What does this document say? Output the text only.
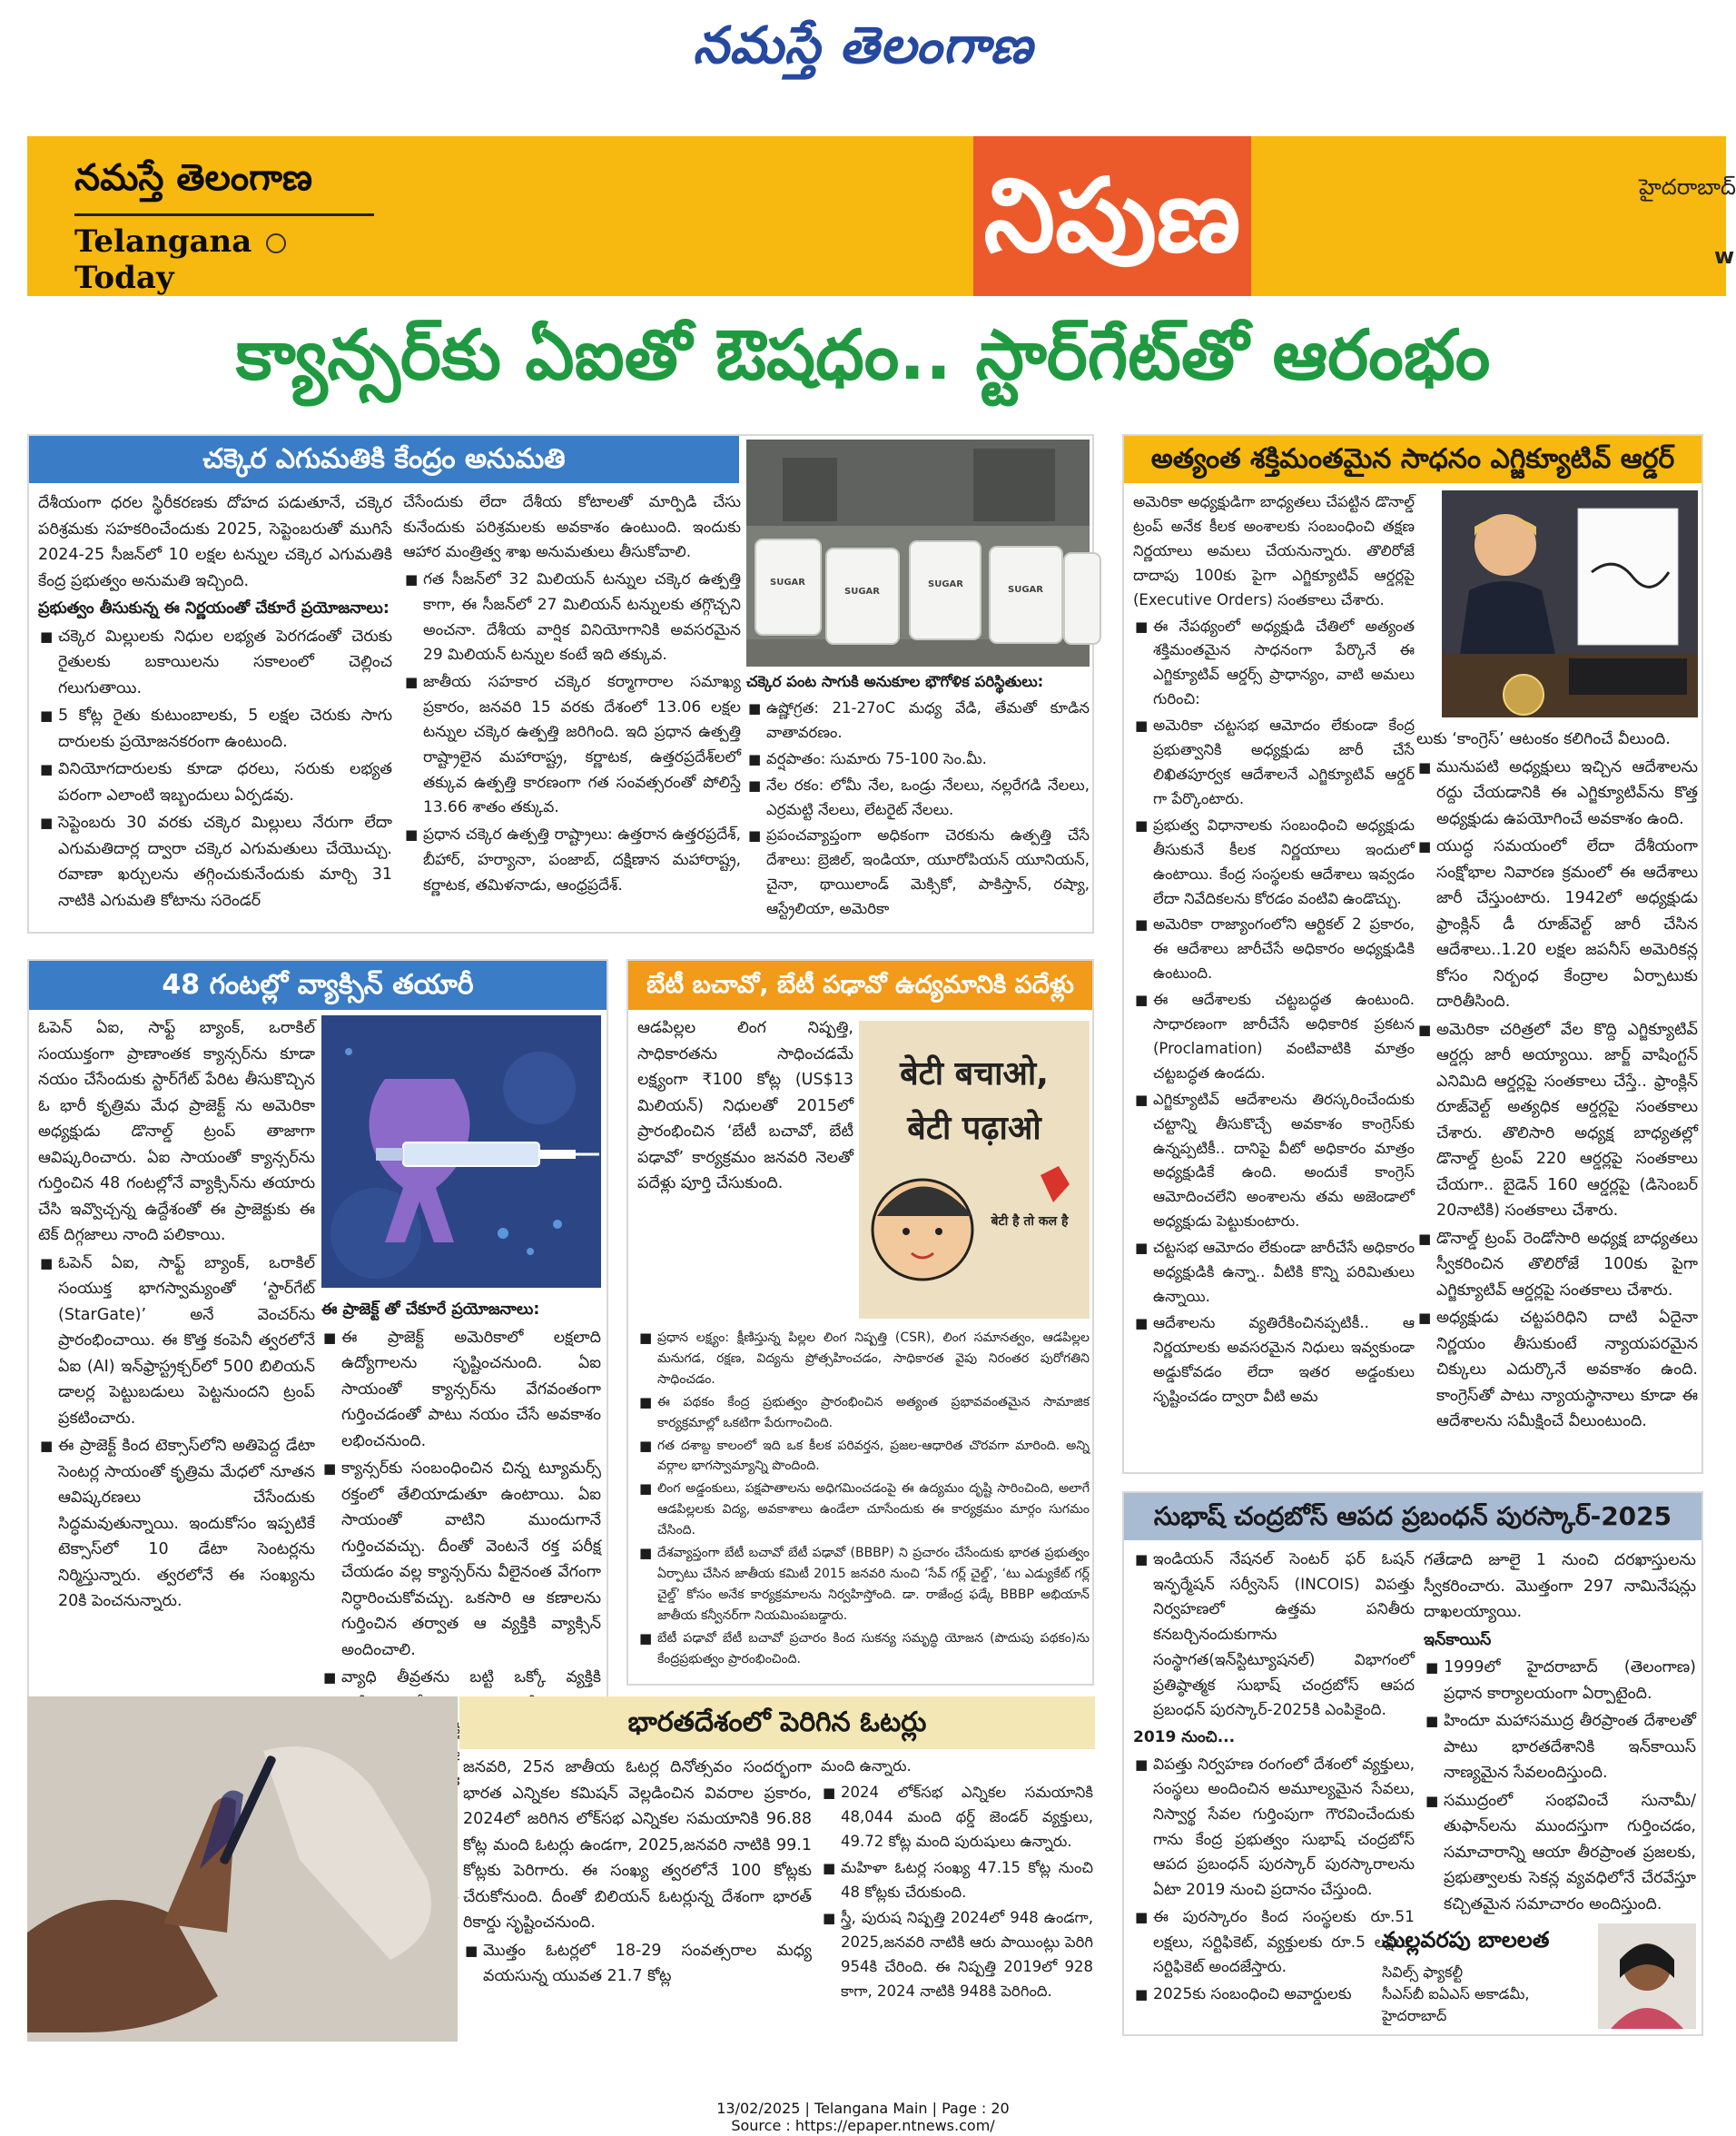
నమస్తే తెలంగాణ
నమస్తే తెలంగాణ
Telangana  Today
నిపుణ	హైదరాబాద్
w
క్యాన్సర్‌కు ఏఐతో ఔషధం.. స్టార్‌గేట్‌తో ఆరంభం
చక్కెర ఎగుమతికి కేంద్రం అనుమతి

దేశీయంగా ధరల స్థిరీకరణకు దోహద పడుతూనే, చక్కెర పరిశ్రమకు సహకరించేందుకు 2025, సెప్టెంబరుతో ముగిసే 2024-25 సీజన్‌లో 10 లక్షల టన్నుల చక్కెర ఎగుమతికి కేంద్ర ప్రభుత్వం అనుమతి ఇచ్చింది.

ప్రభుత్వం తీసుకున్న ఈ నిర్ణయంతో చేకూరే ప్రయోజనాలు:

■ చక్కెర మిల్లులకు నిధుల లభ్యత పెరగడంతో చెరుకు రైతులకు బకాయిలను సకాలంలో చెల్లించ గలుగుతాయి.
■ 5 కోట్ల రైతు కుటుంబాలకు, 5 లక్షల చెరుకు సాగు దారులకు ప్రయోజనకరంగా ఉంటుంది.
■ వినియోగదారులకు కూడా ధరలు, సరుకు లభ్యత పరంగా ఎలాంటి ఇబ్బందులు ఏర్పడవు.
■ సెప్టెంబరు 30 వరకు చక్కెర మిల్లులు నేరుగా లేదా ఎగుమతిదార్ల ద్వారా చక్కెర ఎగుమతులు చేయొచ్చు. రవాణా ఖర్చులను తగ్గించుకునేందుకు మార్చి 31 నాటికి ఎగుమతి కోటాను సరెండర్

చేసేందుకు లేదా దేశీయ కోటాలతో మార్పిడి చేసు కునేందుకు పరిశ్రమలకు అవకాశం ఉంటుంది. ఇందుకు ఆహార మంత్రిత్వ శాఖ అనుమతులు తీసుకోవాలి.

■ గత సీజన్‌లో 32 మిలియన్ టన్నుల చక్కెర ఉత్పత్తి కాగా, ఈ సీజన్‌లో 27 మిలియన్ టన్నులకు తగ్గొచ్చని అంచనా. దేశీయ వార్షిక వినియోగానికి అవసరమైన 29 మిలియన్ టన్నుల కంటే ఇది తక్కువ.
■ జాతీయ సహకార చక్కెర కర్మాగారాల సమాఖ్య ప్రకారం, జనవరి 15 వరకు దేశంలో 13.06 లక్షల టన్నుల చక్కెర ఉత్పత్తి జరిగింది. ఇది ప్రధాన ఉత్పత్తి రాష్ట్రాలైన మహారాష్ట్ర, కర్ణాటక, ఉత్తరప్రదేశ్‌లలో తక్కువ ఉత్పత్తి కారణంగా గత సంవత్సరంతో పోలిస్తే 13.66 శాతం తక్కువ.
■ ప్రధాన చక్కెర ఉత్పత్తి రాష్ట్రాలు: ఉత్తరాన ఉత్తరప్రదేశ్, బీహార్, హర్యానా, పంజాబ్, దక్షిణాన మహారాష్ట్ర, కర్ణాటక, తమిళనాడు, ఆంధ్రప్రదేశ్.
SUGAR
SUGAR
SUGAR
SUGAR

చక్కెర పంట సాగుకి అనుకూల భౌగోళిక పరిస్థితులు:

■ ఉష్ణోగ్రత: 21-27oC మధ్య వేడి, తేమతో కూడిన వాతావరణం.
■ వర్షపాతం: సుమారు 75-100 సెం.మీ.
■ నేల రకం: లోమీ నేల, ఒండ్రు నేలలు, నల్లరేగడి నేలలు, ఎర్రమట్టి నేలలు, లేటరైట్ నేలలు.
■ ప్రపంచవ్యాప్తంగా అధికంగా చెరకును ఉత్పత్తి చేసే దేశాలు: బ్రెజిల్, ఇండియా, యూరోపియన్ యూనియన్, చైనా, థాయిలాండ్ మెక్సికో, పాకిస్తాన్, రష్యా, ఆస్ట్రేలియా, అమెరికా
48 గంటల్లో వ్యాక్సిన్ తయారీ

ఓపెన్ ఏఐ, సాఫ్ట్ బ్యాంక్, ఒరాకిల్ సంయుక్తంగా ప్రాణాంతక క్యాన్సర్‌ను కూడా నయం చేసేందుకు స్టార్‌గేట్ పేరిట తీసుకొచ్చిన ఓ భారీ కృత్రిమ మేధ ప్రాజెక్ట్ ను అమెరికా అధ్యక్షుడు డొనాల్డ్ ట్రంప్ తాజాగా ఆవిష్కరించారు. ఏఐ సాయంతో క్యాన్సర్‌ను గుర్తించిన 48 గంటల్లోనే వ్యాక్సిన్‌ను తయారు చేసి ఇవ్వొచ్చన్న ఉద్దేశంతో ఈ ప్రాజెక్టుకు ఈ టెక్ దిగ్గజాలు నాంది పలికాయి.

■ ఓపెన్ ఏఐ, సాఫ్ట్ బ్యాంక్, ఒరాకిల్ సంయుక్త భాగస్వామ్యంతో ‘స్టార్‌గేట్ (StarGate)’ అనే వెంచర్‌ను ప్రారంభించాయి. ఈ కొత్త కంపెనీ త్వరలోనే ఏఐ (AI) ఇన్‌ఫ్రాస్ట్రక్చర్‌లో 500 బిలియన్ డాలర్ల పెట్టుబడులు పెట్టనుందని ట్రంప్ ప్రకటించారు.
■ ఈ ప్రాజెక్ట్ కింద టెక్సాస్‌లోని అతిపెద్ద డేటా సెంటర్ల సాయంతో కృత్రిమ మేధలో నూతన ఆవిష్కరణలు చేసేందుకు సిద్ధమవుతున్నాయి. ఇందుకోసం ఇప్పటికే టెక్సాస్‌లో 10 డేటా సెంటర్లను నిర్మిస్తున్నారు. త్వరలోనే ఈ సంఖ్యను 20కి పెంచనున్నారు.

ఈ ప్రాజెక్ట్ తో చేకూరే ప్రయోజనాలు:

■ ఈ ప్రాజెక్ట్ అమెరికాలో లక్షలాది ఉద్యోగాలను సృష్టించనుంది. ఏఐ సాయంతో క్యాన్సర్‌ను వేగవంతంగా గుర్తించడంతో పాటు నయం చేసే అవకాశం లభించనుంది.
■ క్యాన్సర్‌కు సంబంధించిన చిన్న ట్యూమర్స్ రక్తంలో తేలియాడుతూ ఉంటాయి. ఏఐ సాయంతో వాటిని ముందుగానే గుర్తించవచ్చు. దీంతో వెంటనే రక్త పరీక్ష చేయడం వల్ల క్యాన్సర్‌ను వీలైనంత వేగంగా నిర్ధారించుకోవచ్చు. ఒకసారి ఆ కణాలను గుర్తించిన తర్వాత ఆ వ్యక్తికి వ్యాక్సిన్ అందించాలి.
■ వ్యాధి తీవ్రతను బట్టి ఒక్కో వ్యక్తికి
బేటీ బచావో, బేటీ పఢావో ఉద్యమానికి పదేళ్లు

ఆడపిల్లల లింగ నిష్పత్తి, సాధికారతను సాధించడమే లక్ష్యంగా ₹100 కోట్ల (US$13 మిలియన్) నిధులతో 2015లో ప్రారంభించిన ‘బేటీ బచావో, బేటీ పఢావో’ కార్యక్రమం జనవరి నెలతో పదేళ్లు పూర్తి చేసుకుంది.

बेटी बचाओ,
बेटी पढ़ाओ
बेटी है तो कल है
■ ప్రధాన లక్ష్యం: క్షీణిస్తున్న పిల్లల లింగ నిష్పత్తి (CSR), లింగ సమానత్వం, ఆడపిల్లల మనుగడ, రక్షణ, విద్యను ప్రోత్సహించడం, సాధికారత వైపు నిరంతర పురోగతిని సాధించడం.
■ ఈ పథకం కేంద్ర ప్రభుత్వం ప్రారంభించిన అత్యంత ప్రభావవంతమైన సామాజిక కార్యక్రమాల్లో ఒకటిగా పేరుగాంచింది.
■ గత దశాబ్ద కాలంలో ఇది ఒక కీలక పరివర్తన, ప్రజల-ఆధారిత చొరవగా మారింది. అన్ని వర్గాల భాగస్వామ్యాన్ని పొందింది.
■ లింగ అడ్డంకులు, పక్షపాతాలను అధిగమించడంపై ఈ ఉద్యమం దృష్టి సారించింది, అలాగే ఆడపిల్లలకు విద్య, అవకాశాలు ఉండేలా చూసేందుకు ఈ కార్యక్రమం మార్గం సుగమం చేసింది.
■ దేశవ్యాప్తంగా బేటీ బచావో బేటీ పఢావో (BBBP) ని ప్రచారం చేసేందుకు భారత ప్రభుత్వం ఏర్పాటు చేసిన జాతీయ కమిటీ 2015 జనవరి నుంచి ‘సేవ్ గర్ల్ చైల్డ్’, ‘టు ఎడ్యుకేట్ గర్ల్ చైల్డ్’ కోసం అనేక కార్యక్రమాలను నిర్వహిస్తోంది. డా. రాజేంద్ర ఫడ్కే BBBP అభియాన్ జాతీయ కన్వీనర్‌గా నియమింపబడ్డారు.
■ బేటీ పఢావో బేటీ బచావో ప్రచారం కింద సుకన్య సమృద్ధి యోజన (పొదుపు పథకం)ను కేంద్రప్రభుత్వం ప్రారంభించింది.
అత్యంత శక్తిమంతమైన సాధనం ఎగ్జిక్యూటివ్ ఆర్డర్

అమెరికా అధ్యక్షుడిగా బాధ్యతలు చేపట్టిన డొనాల్డ్ ట్రంప్ అనేక కీలక అంశాలకు సంబంధించి తక్షణ నిర్ణయాలు అమలు చేయనున్నారు. తొలిరోజే దాదాపు 100కు పైగా ఎగ్జిక్యూటివ్ ఆర్డర్లపై (Executive Orders) సంతకాలు చేశారు.

■ ఈ నేపథ్యంలో అధ్యక్షుడి చేతిలో అత్యంత శక్తిమంతమైన సాధనంగా పేర్కొనే ఈ ఎగ్జిక్యూటివ్ ఆర్డర్స్ ప్రాధాన్యం, వాటి అమలు గురించి:
■ అమెరికా చట్టసభ ఆమోదం లేకుండా కేంద్ర ప్రభుత్వానికి అధ్యక్షుడు జారీ చేసే లిఖితపూర్వక ఆదేశాలనే ఎగ్జిక్యూటివ్ ఆర్డర్ గా పేర్కొంటారు.
■ ప్రభుత్వ విధానాలకు సంబంధించి అధ్యక్షుడు తీసుకునే కీలక నిర్ణయాలు ఇందులో ఉంటాయి. కేంద్ర సంస్థలకు ఆదేశాలు ఇవ్వడం లేదా నివేదికలను కోరడం వంటివి ఉండొచ్చు.
■ అమెరికా రాజ్యాంగంలోని ఆర్టికల్ 2 ప్రకారం, ఈ ఆదేశాలు జారీచేసే అధికారం అధ్యక్షుడికి ఉంటుంది.
■ ఈ ఆదేశాలకు చట్టబద్ధత ఉంటుంది. సాధారణంగా జారీచేసే అధికారిక ప్రకటన (Proclamation) వంటివాటికి మాత్రం చట్టబద్ధత ఉండదు.
■ ఎగ్జిక్యూటివ్ ఆదేశాలను తిరస్కరించేందుకు చట్టాన్ని తీసుకొచ్చే అవకాశం కాంగ్రెస్‌కు ఉన్నప్పటికీ.. దానిపై వీటో అధికారం మాత్రం అధ్యక్షుడికే ఉంది. అందుకే కాంగ్రెస్ ఆమోదించలేని అంశాలను తమ అజెండాలో అధ్యక్షుడు పెట్టుకుంటారు.
■ చట్టసభ ఆమోదం లేకుండా జారీచేసే అధికారం అధ్యక్షుడికి ఉన్నా.. వీటికి కొన్ని పరిమితులు ఉన్నాయి.
■ ఆదేశాలను వ్యతిరేకించినప్పటికీ.. ఆ నిర్ణయాలకు అవసరమైన నిధులు ఇవ్వకుండా అడ్డుకోవడం లేదా ఇతర అడ్డంకులు సృష్టించడం ద్వారా వీటి అమ

లుకు ‘కాంగ్రెస్’ ఆటంకం కలిగించే వీలుంది.

■ మునుపటి అధ్యక్షులు ఇచ్చిన ఆదేశాలను రద్దు చేయడానికి ఈ ఎగ్జిక్యూటివ్‌ను కొత్త అధ్యక్షుడు ఉపయోగించే అవకాశం ఉంది.
■ యుద్ధ సమయంలో లేదా దేశీయంగా సంక్షోభాల నివారణ క్రమంలో ఈ ఆదేశాలు జారీ చేస్తుంటారు. 1942లో అధ్యక్షుడు ఫ్రాంక్లిన్ డీ రూజ్‌వెల్ట్ జారీ చేసిన ఆదేశాలు..1.20 లక్షల జపనీస్ అమెరికన్ల కోసం నిర్బంధ కేంద్రాల ఏర్పాటుకు దారితీసింది.
■ అమెరికా చరిత్రలో వేల కొద్ది ఎగ్జిక్యూటివ్ ఆర్డర్లు జారీ అయ్యాయి. జార్జ్ వాషింగ్టన్ ఎనిమిది ఆర్డర్లపై సంతకాలు చేస్తే.. ఫ్రాంక్లిన్ రూజ్‌వెల్ట్ అత్యధిక ఆర్డర్లపై సంతకాలు చేశారు. తొలిసారి అధ్యక్ష బాధ్యతల్లో డొనాల్డ్ ట్రంప్ 220 ఆర్డర్లపై సంతకాలు చేయగా.. బైడెన్ 160 ఆర్డర్లపై (డిసెంబర్ 20నాటికి) సంతకాలు చేశారు.
■ డొనాల్డ్ ట్రంప్ రెండోసారి అధ్యక్ష బాధ్యతలు స్వీకరించిన తొలిరోజే 100కు పైగా ఎగ్జిక్యూటివ్ ఆర్డర్లపై సంతకాలు చేశారు.
■ అధ్యక్షుడు చట్టపరిధిని దాటి ఏదైనా నిర్ణయం తీసుకుంటే న్యాయపరమైన చిక్కులు ఎదుర్కొనే అవకాశం ఉంది. కాంగ్రెస్‌తో పాటు న్యాయస్థానాలు కూడా ఈ ఆదేశాలను సమీక్షించే వీలుంటుంది.
సుభాష్ చంద్రబోస్ ఆపద ప్రబంధన్ పురస్కార్-2025
■ ఇండియన్ నేషనల్ సెంటర్ ఫర్ ఓషన్ ఇన్ఫర్మేషన్ సర్వీసెస్ (INCOIS) విపత్తు నిర్వహణలో ఉత్తమ పనితీరు కనబర్చినందుకుగాను సంస్థాగత(ఇన్‌స్టిట్యూషనల్) విభాగంలో ప్రతిష్ఠాత్మక సుభాష్ చంద్రబోస్ ఆపద ప్రబంధన్ పురస్కార్-2025కి ఎంపికైంది.

2019 నుంచి...

■ విపత్తు నిర్వహణ రంగంలో దేశంలో వ్యక్తులు, సంస్థలు అందించిన అమూల్యమైన సేవలు, నిస్వార్థ సేవల గుర్తింపుగా గౌరవించేందుకు గాను కేంద్ర ప్రభుత్వం సుభాష్ చంద్రబోస్ ఆపద ప్రబంధన్ పురస్కార్ పురస్కారాలను ఏటా 2019 నుంచి ప్రదానం చేస్తుంది.
■ ఈ పురస్కారం కింద సంస్థలకు రూ.51 లక్షలు, సర్టిఫికెట్, వ్యక్తులకు రూ.5 లక్షలు, సర్టిఫికెట్ అందజేస్తారు.
■ 2025కు సంబంధించి అవార్డులకు

గతేడాది జూలై 1 నుంచి దరఖాస్తులను స్వీకరించారు. మొత్తంగా 297 నామినేషన్లు దాఖలయ్యాయి.

ఇన్‌కాయిస్

■ 1999లో హైదరాబాద్ (తెలంగాణ) ప్రధాన కార్యాలయంగా ఏర్పాటైంది.
■ హిందూ మహాసముద్ర తీరప్రాంత దేశాలతో పాటు భారతదేశానికి ఇన్‌కాయిస్ నాణ్యమైన సేవలందిస్తుంది.
■ సముద్రంలో సంభవించే సునామీ/తుఫాన్‌లను ముందస్తుగా గుర్తించడం, సమాచారాన్ని ఆయా తీరప్రాంత ప్రజలకు, ప్రభుత్వాలకు సెకన్ల వ్యవధిలోనే చేరవేస్తూ కచ్చితమైన సమాచారం అందిస్తుంది.
మల్లవరపు బాలలత
సివిల్స్ ఫ్యాకల్టీ
సీఎస్‌బీ ఐఏఎస్ అకాడమీ,
హైదరాబాద్
భారతదేశంలో పెరిగిన ఓటర్లు

జనవరి, 25న జాతీయ ఓటర్ల దినోత్సవం సందర్భంగా భారత ఎన్నికల కమిషన్ వెల్లడించిన వివరాల ప్రకారం, 2024లో జరిగిన లోక్‌సభ ఎన్నికల సమయానికి 96.88 కోట్ల మంది ఓటర్లు ఉండగా, 2025,జనవరి నాటికి 99.1 కోట్లకు పెరిగారు. ఈ సంఖ్య త్వరలోనే 100 కోట్లకు చేరుకోనుంది. దీంతో బిలియన్ ఓటర్లున్న దేశంగా భారత్ రికార్డు సృష్టించనుంది.

■ మొత్తం ఓటర్లలో 18-29 సంవత్సరాల మధ్య వయసున్న యువత 21.7 కోట్ల

మంది ఉన్నారు.

■ 2024 లోక్‌సభ ఎన్నికల సమయానికి 48,044 మంది థర్డ్ జెండర్ వ్యక్తులు, 49.72 కోట్ల మంది పురుషులు ఉన్నారు.
■ మహిళా ఓటర్ల సంఖ్య 47.15 కోట్ల నుంచి 48 కోట్లకు చేరుకుంది.
■ స్త్రీ, పురుష నిష్పత్తి 2024లో 948 ఉండగా, 2025,జనవరి నాటికి ఆరు పాయింట్లు పెరిగి 954కి చేరింది. ఈ నిష్పత్తి 2019లో 928 కాగా, 2024 నాటికి 948కి పెరిగింది.
13/02/2025 | Telangana Main | Page : 20
Source : https://epaper.ntnews.com/
